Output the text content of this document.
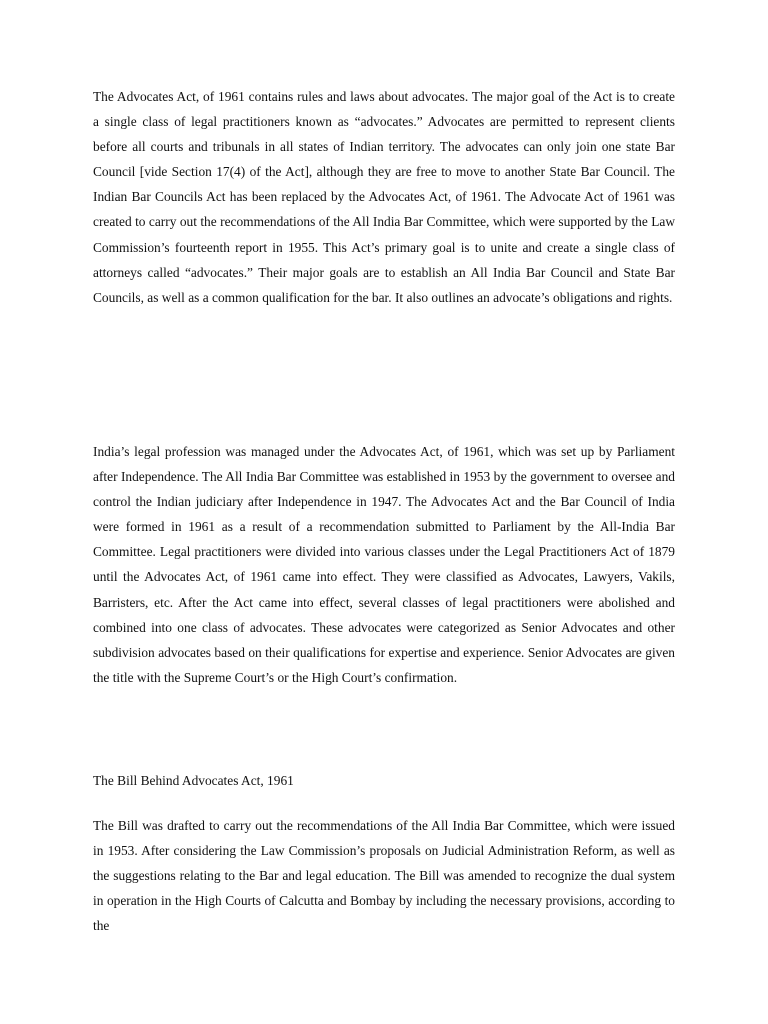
The Advocates Act, of 1961 contains rules and laws about advocates. The major goal of the Act is to create a single class of legal practitioners known as “advocates.” Advocates are permitted to represent clients before all courts and tribunals in all states of Indian territory. The advocates can only join one state Bar Council [vide Section 17(4) of the Act], although they are free to move to another State Bar Council. The Indian Bar Councils Act has been replaced by the Advocates Act, of 1961. The Advocate Act of 1961 was created to carry out the recommendations of the All India Bar Committee, which were supported by the Law Commission’s fourteenth report in 1955. This Act’s primary goal is to unite and create a single class of attorneys called “advocates.” Their major goals are to establish an All India Bar Council and State Bar Councils, as well as a common qualification for the bar. It also outlines an advocate’s obligations and rights.

India’s legal profession was managed under the Advocates Act, of 1961, which was set up by Parliament after Independence. The All India Bar Committee was established in 1953 by the government to oversee and control the Indian judiciary after Independence in 1947. The Advocates Act and the Bar Council of India were formed in 1961 as a result of a recommendation submitted to Parliament by the All-India Bar Committee. Legal practitioners were divided into various classes under the Legal Practitioners Act of 1879 until the Advocates Act, of 1961 came into effect. They were classified as Advocates, Lawyers, Vakils, Barristers, etc. After the Act came into effect, several classes of legal practitioners were abolished and combined into one class of advocates. These advocates were categorized as Senior Advocates and other subdivision advocates based on their qualifications for expertise and experience. Senior Advocates are given the title with the Supreme Court’s or the High Court’s confirmation.

The Bill Behind Advocates Act, 1961

The Bill was drafted to carry out the recommendations of the All India Bar Committee, which were issued in 1953. After considering the Law Commission’s proposals on Judicial Administration Reform, as well as the suggestions relating to the Bar and legal education. The Bill was amended to recognize the dual system in operation in the High Courts of Calcutta and Bombay by including the necessary provisions, according to the
